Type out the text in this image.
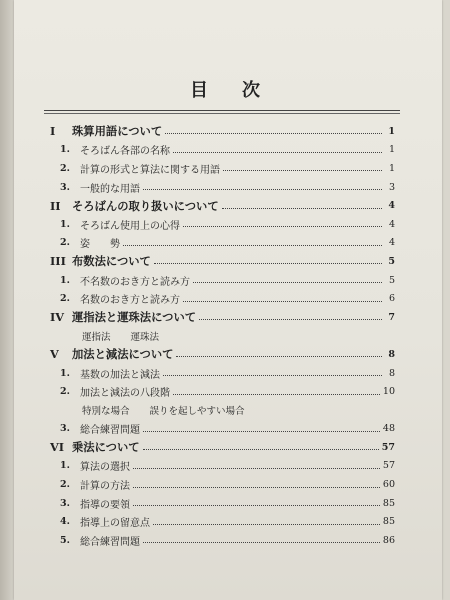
目次
I	珠算用語について	1
1.	そろばん各部の名称	1
2.	計算の形式と算法に関する用語	1
3.	一般的な用語	3
II	そろばんの取り扱いについて	4
1.	そろばん使用上の心得	4
2.	姿　　勢	4
III 布数法について	5
1.	不名数のおき方と読み方	5
2.	名数のおき方と読み方	6
IV 運指法と運珠法について	7
運指法 運珠法
V	加法と減法について	8
1.	基数の加法と減法	8
2.	加法と減法の八段階	10
特別な場合 誤りを起しやすい場合
3.	総合練習問題	48
VI 乗法について	57
1.	算法の選択	57
2.	計算の方法	60
3.	指導の要領	85
4.	指導上の留意点	85
5.	総合練習問題	86
